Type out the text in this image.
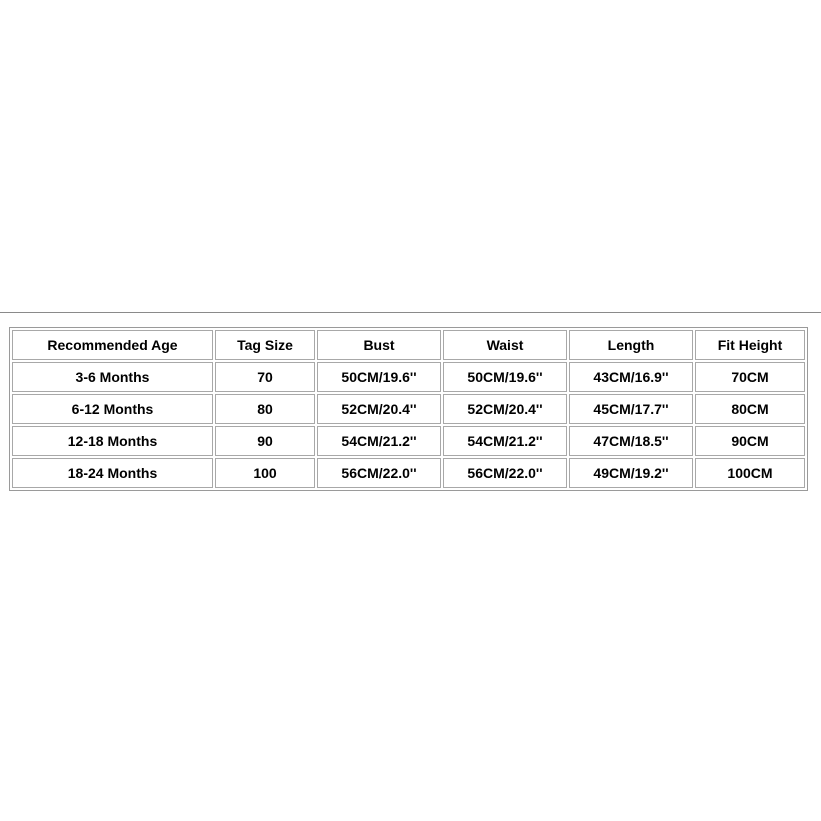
Recommended Age	Tag Size	Bust	Waist	Length	Fit Height
3-6 Months	70	50CM/19.6''	50CM/19.6''	43CM/16.9''	70CM
6-12 Months	80	52CM/20.4''	52CM/20.4''	45CM/17.7''	80CM
12-18 Months	90	54CM/21.2''	54CM/21.2''	47CM/18.5''	90CM
18-24 Months	100	56CM/22.0''	56CM/22.0''	49CM/19.2''	100CM
